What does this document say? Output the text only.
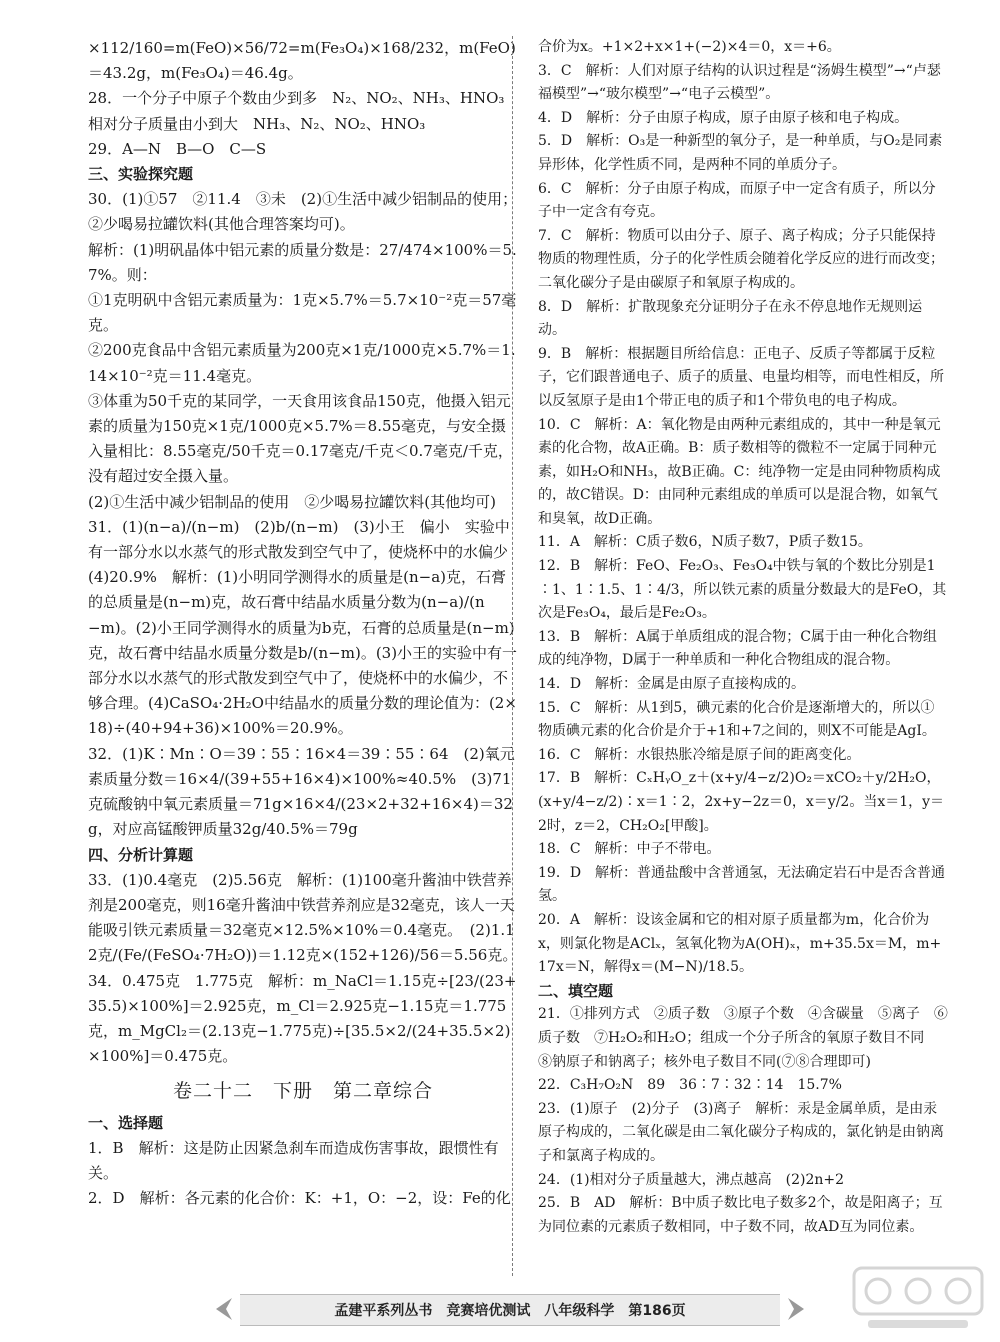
×112/160=m(FeO)×56/72=m(Fe₃O₄)×168/232，m(FeO)＝43.2g，m(Fe₃O₄)＝46.4g。

28．一个分子中原子个数由少到多　N₂、NO₂、NH₃、HNO₃

相对分子质量由小到大　NH₃、N₂、NO₂、HNO₃

29．A—N　B—O　C—S

三、实验探究题

30．(1)①57　②11.4　③未　(2)①生活中减少铝制品的使用；②少喝易拉罐饮料(其他合理答案均可)。

解析：(1)明矾晶体中铝元素的质量分数是：27/474×100%＝5.7%。则：

①1克明矾中含铝元素质量为：1克×5.7%＝5.7×10⁻²克＝57毫克。

②200克食品中含铝元素质量为200克×1克/1000克×5.7%＝1.14×10⁻²克＝11.4毫克。

③体重为50千克的某同学，一天食用该食品150克，他摄入铝元素的质量为150克×1克/1000克×5.7%＝8.55毫克，与安全摄入量相比：8.55毫克/50千克＝0.17毫克/千克＜0.7毫克/千克，没有超过安全摄入量。

(2)①生活中减少铝制品的使用　②少喝易拉罐饮料(其他均可)

31．(1)(n−a)/(n−m)　(2)b/(n−m)　(3)小王　偏小　实验中有一部分水以水蒸气的形式散发到空气中了，使烧杯中的水偏少　(4)20.9%　解析：(1)小明同学测得水的质量是(n−a)克，石膏的总质量是(n−m)克，故石膏中结晶水质量分数为(n−a)/(n−m)。(2)小王同学测得水的质量为b克，石膏的总质量是(n−m)克，故石膏中结晶水质量分数是b/(n−m)。(3)小王的实验中有一部分水以水蒸气的形式散发到空气中了，使烧杯中的水偏少，不够合理。(4)CaSO₄·2H₂O中结晶水的质量分数的理论值为：(2×18)÷(40+94+36)×100%＝20.9%。

32．(1)K∶Mn∶O＝39∶55∶16×4＝39∶55∶64　(2)氧元素质量分数＝16×4/(39+55+16×4)×100%≈40.5%　(3)71克硫酸钠中氧元素质量＝71g×16×4/(23×2+32+16×4)＝32g，对应高锰酸钾质量32g/40.5%＝79g

四、分析计算题

33．(1)0.4毫克　(2)5.56克　解析：(1)100毫升酱油中铁营养剂是200毫克，则16毫升酱油中铁营养剂应是32毫克，该人一天能吸引铁元素质量＝32毫克×12.5%×10%＝0.4毫克。　(2)1.12克/(Fe/(FeSO₄·7H₂O))＝1.12克×(152+126)/56＝5.56克。

34．0.475克　1.775克　解析：m_NaCl＝1.15克÷[23/(23+35.5)×100%]＝2.925克，m_Cl＝2.925克−1.15克＝1.775克，m_MgCl₂＝(2.13克−1.775克)÷[35.5×2/(24+35.5×2)×100%]＝0.475克。

卷二十二　下册　第二章综合

一、选择题

1．B　解析：这是防止因紧急刹车而造成伤害事故，跟惯性有关。

2．D　解析：各元素的化合价：K：+1，O：−2，设：Fe的化

合价为x。+1×2+x×1+(−2)×4＝0，x＝+6。

3．C　解析：人们对原子结构的认识过程是“汤姆生模型”→“卢瑟福模型”→“玻尔模型”→“电子云模型”。

4．D　解析：分子由原子构成，原子由原子核和电子构成。

5．D　解析：O₃是一种新型的氧分子，是一种单质，与O₂是同素异形体，化学性质不同，是两种不同的单质分子。

6．C　解析：分子由原子构成，而原子中一定含有质子，所以分子中一定含有夸克。

7．C　解析：物质可以由分子、原子、离子构成；分子只能保持物质的物理性质，分子的化学性质会随着化学反应的进行而改变；二氧化碳分子是由碳原子和氧原子构成的。

8．D　解析：扩散现象充分证明分子在永不停息地作无规则运动。

9．B　解析：根据题目所给信息：正电子、反质子等都属于反粒子，它们跟普通电子、质子的质量、电量均相等，而电性相反，所以反氢原子是由1个带正电的质子和1个带负电的电子构成。

10．C　解析：A：氧化物是由两种元素组成的，其中一种是氧元素的化合物，故A正确。B：质子数相等的微粒不一定属于同种元素，如H₂O和NH₃，故B正确。C：纯净物一定是由同种物质构成的，故C错误。D：由同种元素组成的单质可以是混合物，如氧气和臭氧，故D正确。

11．A　解析：C质子数6，N质子数7，P质子数15。

12．B　解析：FeO、Fe₂O₃、Fe₃O₄中铁与氧的个数比分别是1∶1、1∶1.5、1∶4/3，所以铁元素的质量分数最大的是FeO，其次是Fe₃O₄，最后是Fe₂O₃。

13．B　解析：A属于单质组成的混合物；C属于由一种化合物组成的纯净物，D属于一种单质和一种化合物组成的混合物。

14．D　解析：金属是由原子直接构成的。

15．C　解析：从1到5，碘元素的化合价是逐渐增大的，所以①物质碘元素的化合价是介于+1和+7之间的，则X不可能是AgI。

16．C　解析：水银热胀冷缩是原子间的距离变化。

17．B　解析：CₓHᵧO_z＋(x+y/4−z/2)O₂＝xCO₂＋y/2H₂O，(x+y/4−z/2)∶x＝1∶2，2x+y−2z＝0，x＝y/2。当x＝1，y＝2时，z＝2，CH₂O₂[甲酸]。

18．C　解析：中子不带电。

19．D　解析：普通盐酸中含普通氢，无法确定岩石中是否含普通氢。

20．A　解析：设该金属和它的相对原子质量都为m，化合价为x，则氯化物是AClₓ，氢氧化物为A(OH)ₓ，m+35.5x＝M，m+17x＝N，解得x＝(M−N)/18.5。

二、填空题

21．①排列方式　②质子数　③原子个数　④含碳量　⑤离子　⑥质子数　⑦H₂O₂和H₂O；组成一个分子所含的氧原子数目不同　⑧钠原子和钠离子；核外电子数目不同(⑦⑧合理即可)

22．C₃H₇O₂N　89　36∶7∶32∶14　15.7%

23．(1)原子　(2)分子　(3)离子　解析：汞是金属单质，是由汞原子构成的，二氧化碳是由二氧化碳分子构成的，氯化钠是由钠离子和氯离子构成的。

24．(1)相对分子质量越大，沸点越高　(2)2n+2

25．B　AD　解析：B中质子数比电子数多2个，故是阳离子；互为同位素的元素质子数相同，中子数不同，故AD互为同位素。

孟建平系列丛书　竞赛培优测试　八年级科学　第186页
